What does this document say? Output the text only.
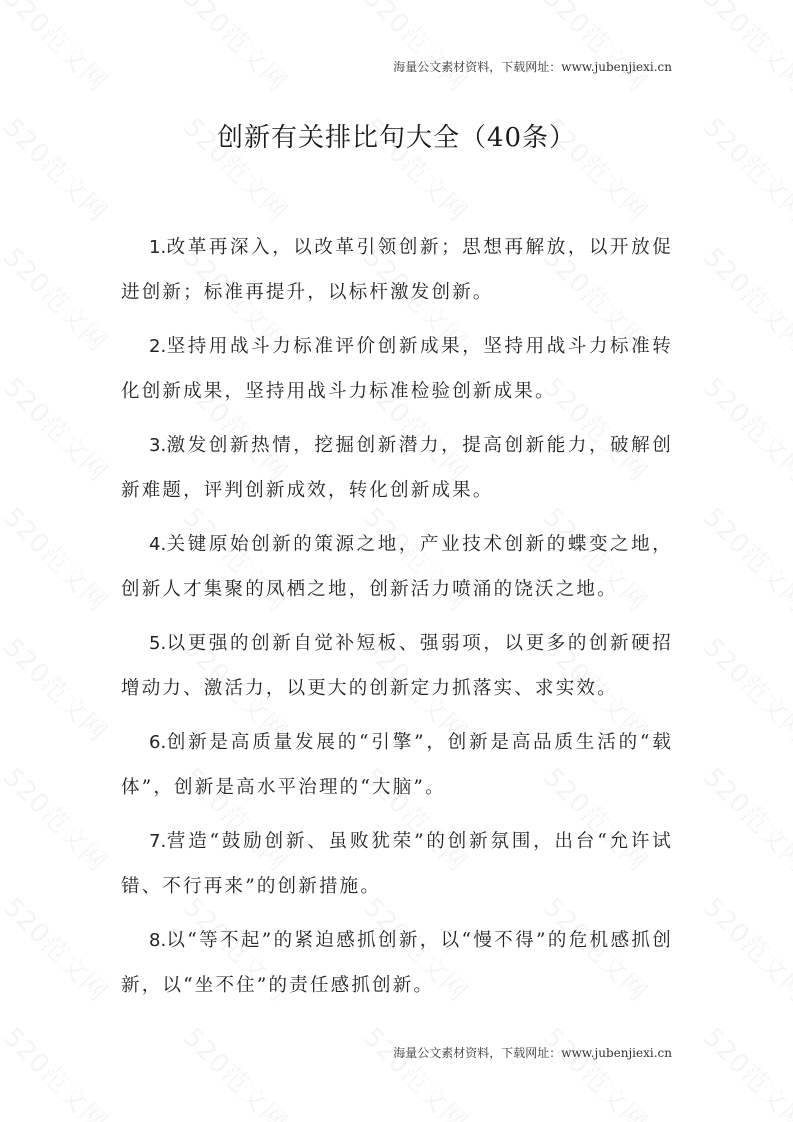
海量公文素材资料，下载网址：www.jubenjiexi.cn
创新有关排比句大全（40条）

1.改革再深入，以改革引领创新；思想再解放，以开放促进创新；标准再提升，以标杆激发创新。

2.坚持用战斗力标准评价创新成果，坚持用战斗力标准转化创新成果，坚持用战斗力标准检验创新成果。

3.激发创新热情，挖掘创新潜力，提高创新能力，破解创新难题，评判创新成效，转化创新成果。

4.关键原始创新的策源之地，产业技术创新的蝶变之地，创新人才集聚的凤栖之地，创新活力喷涌的饶沃之地。

5.以更强的创新自觉补短板、强弱项，以更多的创新硬招增动力、激活力，以更大的创新定力抓落实、求实效。

6.创新是高质量发展的“引擎”，创新是高品质生活的“载体”，创新是高水平治理的“大脑”。

7.营造“鼓励创新、虽败犹荣”的创新氛围，出台“允许试错、不行再来”的创新措施。

8.以“等不起”的紧迫感抓创新，以“慢不得”的危机感抓创新，以“坐不住”的责任感抓创新。

海量公文素材资料，下载网址：www.jubenjiexi.cn
